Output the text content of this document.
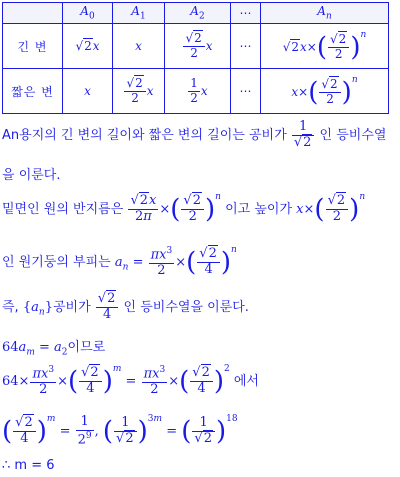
	$A_0$	$A_1$	$A_2$	⋯	$A_n$
긴 변	√2x	x	$\frac{√2}{2}$ x	⋯	$√2x\times( \frac{√2}{2} )^n$
짧은 변	x	$\frac{√2}{2}$ x	$\frac{1}{2}$ x	⋯	$x\times( \frac{√2}{2} )^n$
An용지의 긴 변의 길이와 짧은 변의 길이는 공비가 $\frac{1}{√2}$ 인 등비수열
을 이룬다.
밑면인 원의 반지름은 $\frac{√2x}{2\pi}$ ×( $\frac{√2}{2} )^n$ 이고 높이가 $x\times( \frac{√2}{2} )^n$
인 원기둥의 부피는 $a_n = \frac{\pi x^3}{2}$ ×( $\frac{√2}{4} )^n$
즉, $\{a_n\}$공비가 $\frac{√2}{4}$ 인 등비수열을 이룬다.
$64a_m = a_2$이므로
$64\times \frac{\pi x^3}{2}$ ×( $\frac{√2}{4} )^m = \frac{\pi x^3}{2}$ ×( $\frac{√2}{4} )^2$ 에서
( $\frac{√2}{4} )^m = \frac{1}{2^9}$ , ( $\frac{1}{√2} )^{3m}$ = ( $\frac{1}{√2} )^{18}$
∴ m = 6
